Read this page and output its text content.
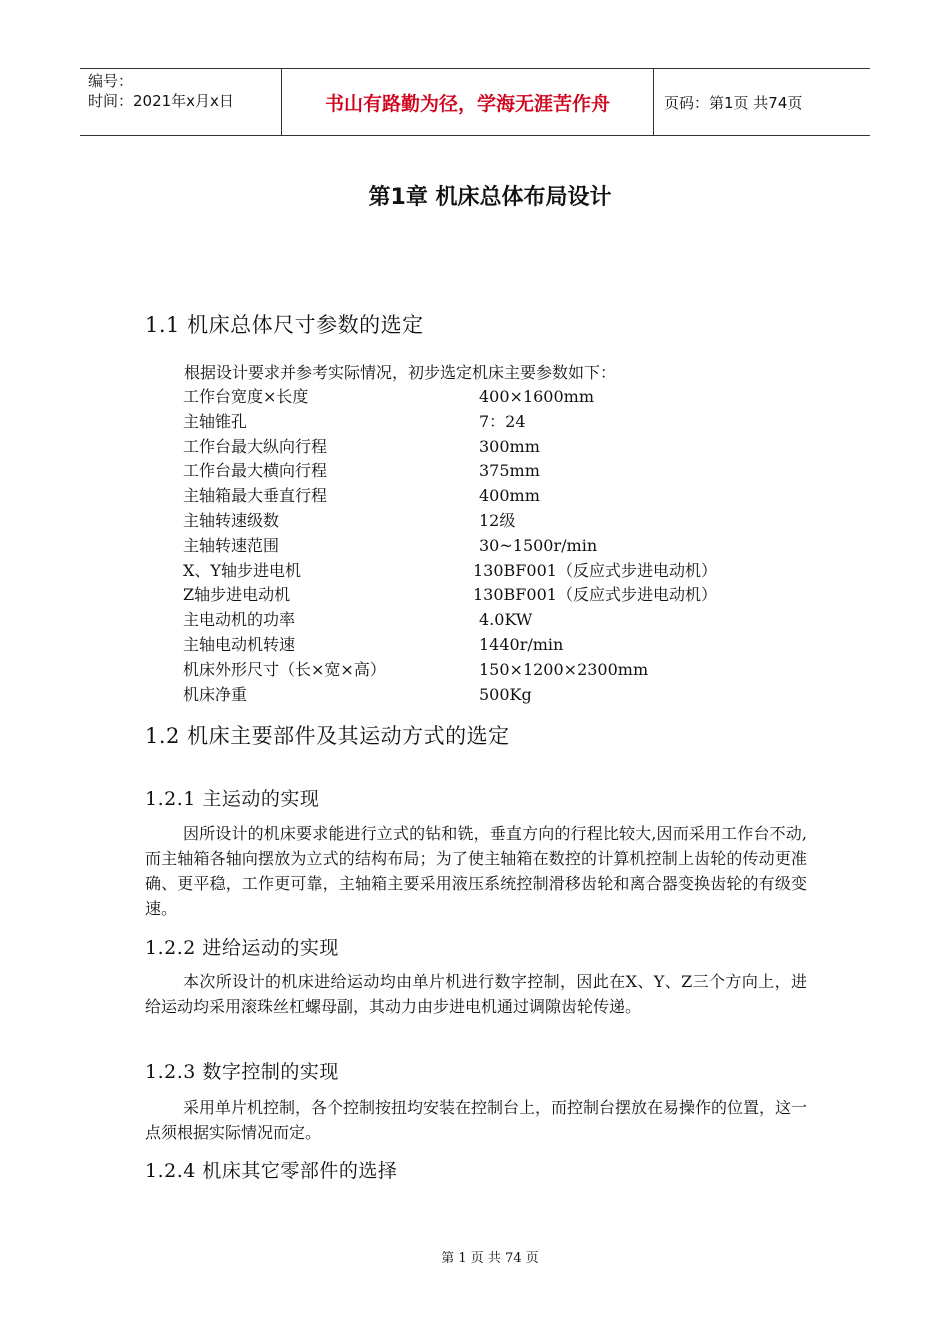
编号：
时间：2021年x月x日	书山有路勤为径，学海无涯苦作舟	页码：第1页 共74页
第1章 机床总体布局设计
1.1 机床总体尺寸参数的选定
根据设计要求并参考实际情况，初步选定机床主要参数如下：
工作台宽度×长度	400×1600mm
主轴锥孔	7：24
工作台最大纵向行程	300mm
工作台最大横向行程	375mm
主轴箱最大垂直行程	400mm
主轴转速级数	12级
主轴转速范围	30~1500r/min
X、Y轴步进电机	130BF001（反应式步进电动机）
Z轴步进电动机	130BF001（反应式步进电动机）
主电动机的功率	4.0KW
主轴电动机转速	1440r/min
机床外形尺寸（长×宽×高）	150×1200×2300mm
机床净重	500Kg
1.2 机床主要部件及其运动方式的选定
1.2.1 主运动的实现
因所设计的机床要求能进行立式的钻和铣，垂直方向的行程比较大,因而采用工作台不动,而主轴箱各轴向摆放为立式的结构布局；为了使主轴箱在数控的计算机控制上齿轮的传动更准确、更平稳，工作更可靠，主轴箱主要采用液压系统控制滑移齿轮和离合器变换齿轮的有级变速。
1.2.2 进给运动的实现
本次所设计的机床进给运动均由单片机进行数字控制，因此在X、Y、Z三个方向上，进给运动均采用滚珠丝杠螺母副，其动力由步进电机通过调隙齿轮传递。
1.2.3 数字控制的实现
采用单片机控制，各个控制按扭均安装在控制台上，而控制台摆放在易操作的位置，这一点须根据实际情况而定。
1.2.4 机床其它零部件的选择
第 1 页 共 74 页
